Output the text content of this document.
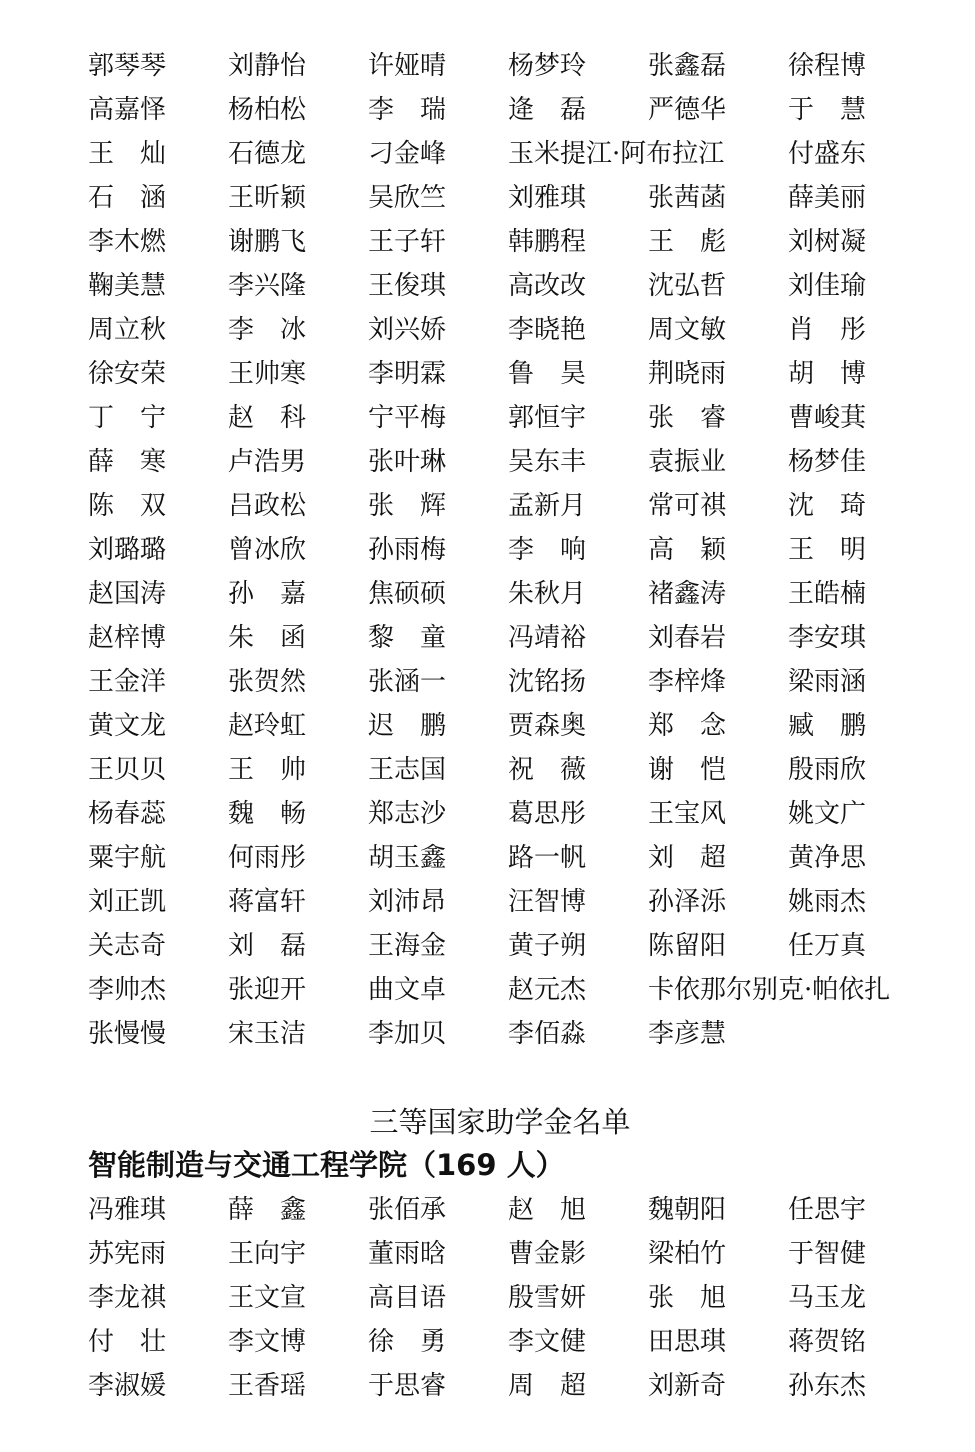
郭琴琴 刘静怡 许娅晴 杨梦玲 张鑫磊 徐程博
高嘉怿 杨柏松 李　瑞 逄　磊 严德华 于　慧
王　灿 石德龙 刁金峰 玉米提江·阿布拉江 付盛东
石　涵 王昕颖 吴欣竺 刘雅琪 张茜菡 薛美丽
李木燃 谢鹏飞 王子轩 韩鹏程 王　彪 刘树凝
鞠美慧 李兴隆 王俊琪 高改改 沈弘哲 刘佳瑜
周立秋 李　冰 刘兴娇 李晓艳 周文敏 肖　彤
徐安荣 王帅寒 李明霖 鲁　昊 荆晓雨 胡　博
丁　宁 赵　科 宁平梅 郭恒宇 张　睿 曹峻萁
薛　寒 卢浩男 张叶琳 吴东丰 袁振业 杨梦佳
陈　双 吕政松 张　辉 孟新月 常可祺 沈　琦
刘璐璐 曾冰欣 孙雨梅 李　响 高　颖 王　明
赵国涛 孙　嘉 焦硕硕 朱秋月 褚鑫涛 王皓楠
赵梓博 朱　函 黎　童 冯靖裕 刘春岩 李安琪
王金洋 张贺然 张涵一 沈铭扬 李梓烽 梁雨涵
黄文龙 赵玲虹 迟　鹏 贾森奥 郑　念 臧　鹏
王贝贝 王　帅 王志国 祝　薇 谢　恺 殷雨欣
杨春蕊 魏　畅 郑志沙 葛思彤 王宝风 姚文广
粟宇航 何雨彤 胡玉鑫 路一帆 刘　超 黄净思
刘正凯 蒋富轩 刘沛昂 汪智博 孙泽泺 姚雨杰
关志奇 刘　磊 王海金 黄子朔 陈留阳 任万真
李帅杰 张迎开 曲文卓 赵元杰 卡依那尔别克·帕依扎
张慢慢 宋玉洁 李加贝 李佰淼 李彦慧
三等国家助学金名单
智能制造与交通工程学院（169 人）
冯雅琪 薛　鑫 张佰承 赵　旭 魏朝阳 任思宇
苏宪雨 王向宇 董雨晗 曹金影 梁柏竹 于智健
李龙祺 王文宣 高目语 殷雪妍 张　旭 马玉龙
付　壮 李文博 徐　勇 李文健 田思琪 蒋贺铭
李淑媛 王香瑶 于思睿 周　超 刘新奇 孙东杰
